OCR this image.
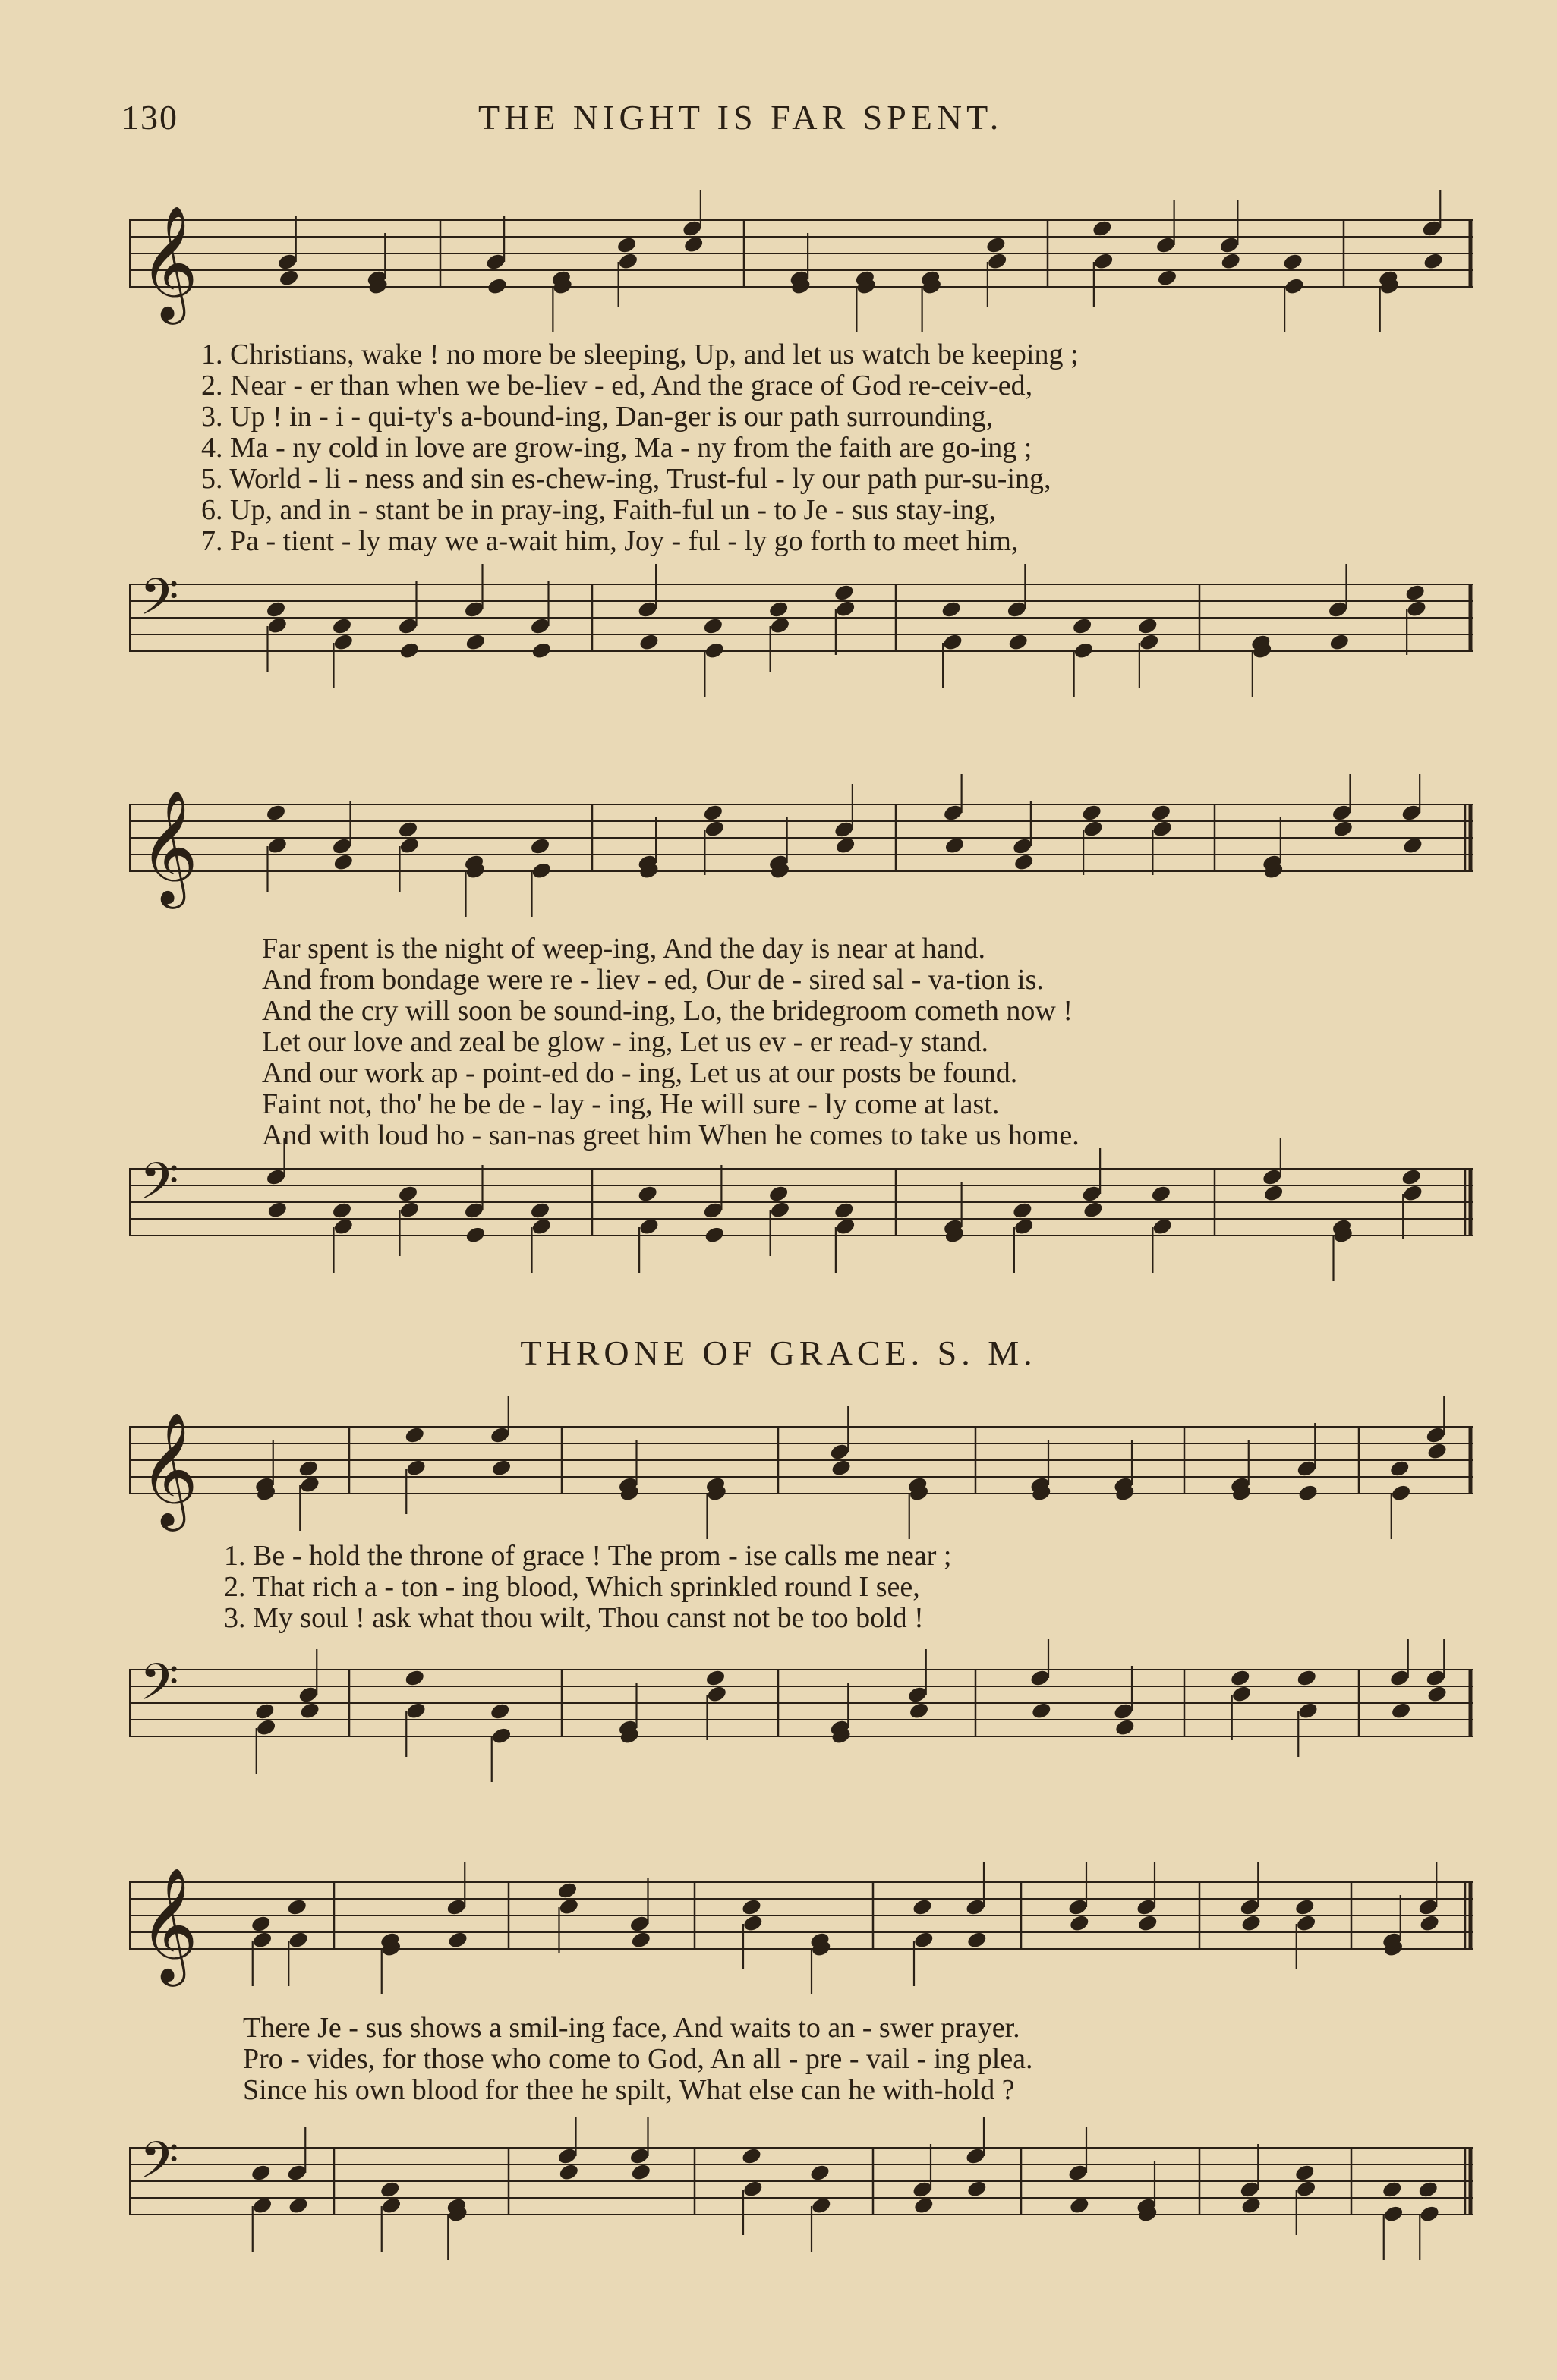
130	THE NIGHT IS FAR SPENT.
𝄞
1. Christians, wake ! no more be sleeping, Up, and let us watch be keeping ;
2. Near - er than when we be-liev - ed, And the grace of God re-ceiv-ed,
3. Up ! in - i - qui-ty's a-bound-ing, Dan-ger is our path surrounding,
4. Ma - ny cold in love are grow-ing, Ma - ny from the faith are go-ing ;
5. World - li - ness and sin es-chew-ing, Trust-ful - ly our path pur-su-ing,
6. Up, and in - stant be in pray-ing, Faith-ful un - to Je - sus stay-ing,
7. Pa - tient - ly may we a-wait him, Joy - ful - ly go forth to meet him,
𝄢
𝄞
Far spent is the night of weep-ing, And the day is near at hand.
And from bondage were re - liev - ed, Our de - sired sal - va-tion is.
And the cry will soon be sound-ing, Lo, the bridegroom cometh now !
Let our love and zeal be glow - ing, Let us ev - er read-y stand.
And our work ap - point-ed do - ing, Let us at our posts be found.
Faint not, tho' he be de - lay - ing, He will sure - ly come at last.
And with loud ho - san-nas greet him When he comes to take us home.
𝄢
THRONE OF GRACE. S. M.
𝄞
1. Be - hold the throne of grace ! The prom - ise calls me near ;
2. That rich a - ton - ing blood, Which sprinkled round I see,
3. My soul ! ask what thou wilt, Thou canst not be too bold !
𝄢
𝄞
There Je - sus shows a smil-ing face, And waits to an - swer prayer.
Pro - vides, for those who come to God, An all - pre - vail - ing plea.
Since his own blood for thee he spilt, What else can he with-hold ?
𝄢
